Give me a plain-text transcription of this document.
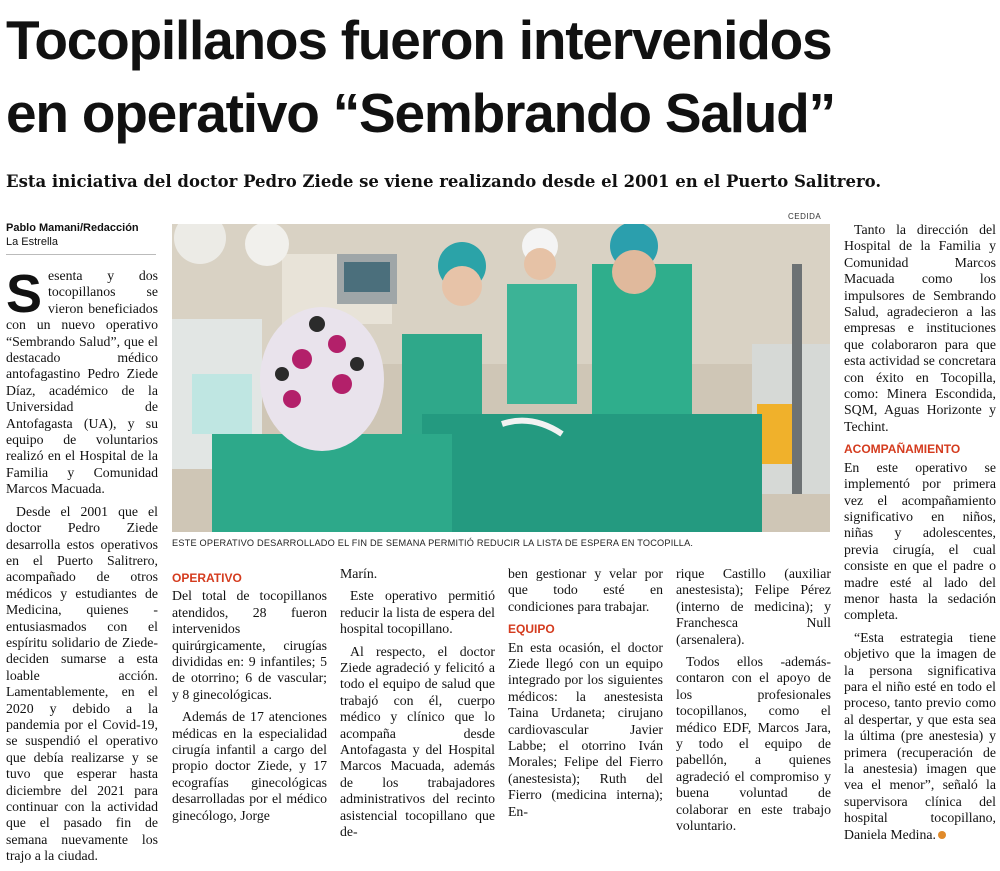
Tocopillanos fueron intervenidos
en operativo “Sembrando Salud”
Esta iniciativa del doctor Pedro Ziede se viene realizando desde el 2001 en el Puerto Salitrero.
Pablo Mamani/Redacción
La Estrella

Sesenta y dos tocopillanos se vieron beneficiados con un nuevo operativo “Sembrando Salud”, que el destacado médico antofagastino Pedro Ziede Díaz, académico de la Universidad de Antofagasta (UA), y su equipo de voluntarios realizó en el Hospital de la Familia y Comunidad Marcos Macuada.

Desde el 2001 que el doctor Pedro Ziede desarrolla estos operativos en el Puerto Salitrero, acompañado de otros médicos y estudiantes de Medicina, quienes -entusiasmados con el espíritu solidario de Ziede- deciden sumarse a esta loable acción. Lamentablemente, en el 2020 y debido a la pandemia por el Covid-19, se suspendió el operativo que debía realizarse y se tuvo que esperar hasta diciembre del 2021 para continuar con la actividad que el pasado fin de semana nuevamente los trajo a la ciudad.

CEDIDA
ESTE OPERATIVO DESARROLLADO EL FIN DE SEMANA PERMITIÓ REDUCIR LA LISTA DE ESPERA EN TOCOPILLA.
OPERATIVO

Del total de tocopillanos atendidos, 28 fueron intervenidos quirúrgicamente, cirugías divididas en: 9 infantiles; 5 de otorrino; 6 de vascular; y 8 ginecológicas.

Además de 17 atenciones médicas en la especialidad cirugía infantil a cargo del propio doctor Ziede, y 17 ecografías ginecológicas desarrolladas por el médico ginecólogo, Jorge

Marín.

Este operativo permitió reducir la lista de espera del hospital tocopillano.

Al respecto, el doctor Ziede agradeció y felicitó a todo el equipo de salud que trabajó con él, cuerpo médico y clínico que lo acompaña desde Antofagasta y del Hospital Marcos Macuada, además de los trabajadores administrativos del recinto asistencial tocopillano que de-

ben gestionar y velar por que todo esté en condiciones para trabajar.

EQUIPO

En esta ocasión, el doctor Ziede llegó con un equipo integrado por los siguientes médicos: la anestesista Taina Urdaneta; cirujano cardiovascular Javier Labbe; el otorrino Iván Morales; Felipe del Fierro (anestesista); Ruth del Fierro (medicina interna); En-

rique Castillo (auxiliar anestesista); Felipe Pérez (interno de medicina); y Franchesca Null (arsenalera).

Todos ellos -además- contaron con el apoyo de los profesionales tocopillanos, como el médico EDF, Marcos Jara, y todo el equipo de pabellón, a quienes agradeció el compromiso y buena voluntad de colaborar en este trabajo voluntario.

Tanto la dirección del Hospital de la Familia y Comunidad Marcos Macuada como los impulsores de Sembrando Salud, agradecieron a las empresas e instituciones que colaboraron para que esta actividad se concretara con éxito en Tocopilla, como: Minera Escondida, SQM, Aguas Horizonte y Techint.

ACOMPAÑAMIENTO

En este operativo se implementó por primera vez el acompañamiento significativo en niños, niñas y adolescentes, previa cirugía, el cual consiste en que el padre o madre esté al lado del menor hasta la sedación completa.

“Esta estrategia tiene objetivo que la imagen de la persona significativa para el niño esté en todo el proceso, tanto previo como al despertar, y que esta sea la última (pre anestesia) y primera (recuperación de la anestesia) imagen que vea el menor”, señaló la supervisora clínica del hospital tocopillano, Daniela Medina.
